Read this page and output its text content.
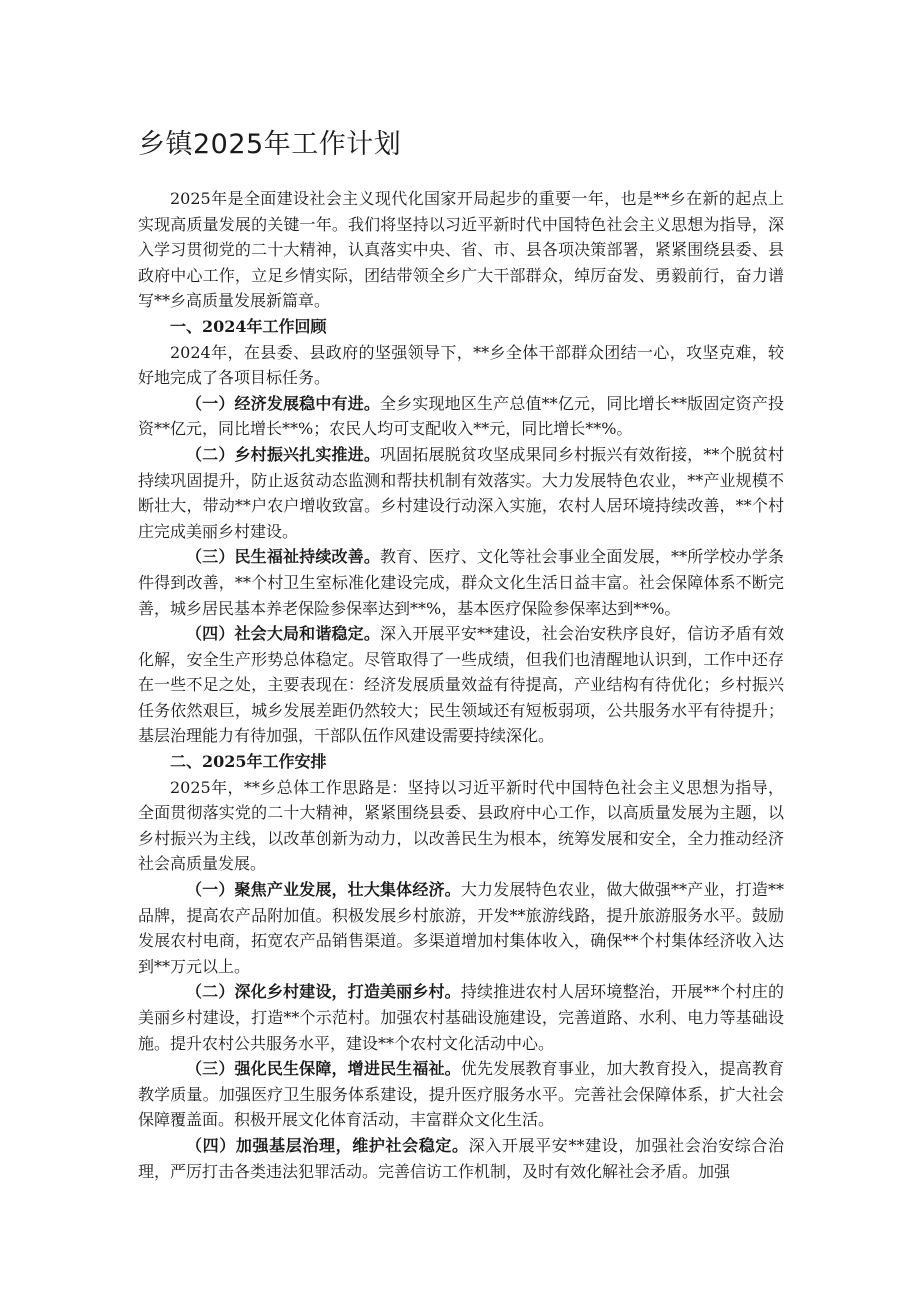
乡镇2025年工作计划

2025年是全面建设社会主义现代化国家开局起步的重要一年，也是**乡在新的起点上实现高质量发展的关键一年。我们将坚持以习近平新时代中国特色社会主义思想为指导，深入学习贯彻党的二十大精神，认真落实中央、省、市、县各项决策部署，紧紧围绕县委、县政府中心工作，立足乡情实际，团结带领全乡广大干部群众，绰厉奋发、勇毅前行，奋力谱写**乡高质量发展新篇章。

一、2024年工作回顾

2024年，在县委、县政府的坚强领导下，**乡全体干部群众团结一心，攻坚克难，较好地完成了各项目标任务。

（一）经济发展稳中有进。全乡实现地区生产总值**亿元，同比增长**版固定资产投资**亿元，同比增长**%；农民人均可支配收入**元，同比增长**%。

（二）乡村振兴扎实推进。巩固拓展脱贫攻坚成果同乡村振兴有效衔接，**个脱贫村持续巩固提升，防止返贫动态监测和帮扶机制有效落实。大力发展特色农业，**产业规模不断壮大，带动**户农户增收致富。乡村建设行动深入实施，农村人居环境持续改善，**个村庄完成美丽乡村建设。

（三）民生福祉持续改善。教育、医疗、文化等社会事业全面发展，**所学校办学条件得到改善，**个村卫生室标准化建设完成，群众文化生活日益丰富。社会保障体系不断完善，城乡居民基本养老保险参保率达到**%，基本医疗保险参保率达到**%。

（四）社会大局和谐稳定。深入开展平安**建设，社会治安秩序良好，信访矛盾有效化解，安全生产形势总体稳定。尽管取得了一些成绩，但我们也清醒地认识到，工作中还存在一些不足之处，主要表现在：经济发展质量效益有待提高，产业结构有待优化；乡村振兴任务依然艰巨，城乡发展差距仍然较大；民生领域还有短板弱项，公共服务水平有待提升；基层治理能力有待加强，干部队伍作风建设需要持续深化。

二、2025年工作安排

2025年，**乡总体工作思路是：坚持以习近平新时代中国特色社会主义思想为指导，全面贯彻落实党的二十大精神，紧紧围绕县委、县政府中心工作，以高质量发展为主题，以乡村振兴为主线，以改革创新为动力，以改善民生为根本，统筹发展和安全，全力推动经济社会高质量发展。

（一）聚焦产业发展，壮大集体经济。大力发展特色农业，做大做强**产业，打造**品牌，提高农产品附加值。积极发展乡村旅游，开发**旅游线路，提升旅游服务水平。鼓励发展农村电商，拓宽农产品销售渠道。多渠道增加村集体收入，确保**个村集体经济收入达到**万元以上。

（二）深化乡村建设，打造美丽乡村。持续推进农村人居环境整治，开展**个村庄的美丽乡村建设，打造**个示范村。加强农村基础设施建设，完善道路、水利、电力等基础设施。提升农村公共服务水平，建设**个农村文化活动中心。

（三）强化民生保障，增进民生福祉。优先发展教育事业，加大教育投入，提高教育教学质量。加强医疗卫生服务体系建设，提升医疗服务水平。完善社会保障体系，扩大社会保障覆盖面。积极开展文化体育活动，丰富群众文化生活。

（四）加强基层治理，维护社会稳定。深入开展平安**建设，加强社会治安综合治理，严厉打击各类违法犯罪活动。完善信访工作机制，及时有效化解社会矛盾。加强
